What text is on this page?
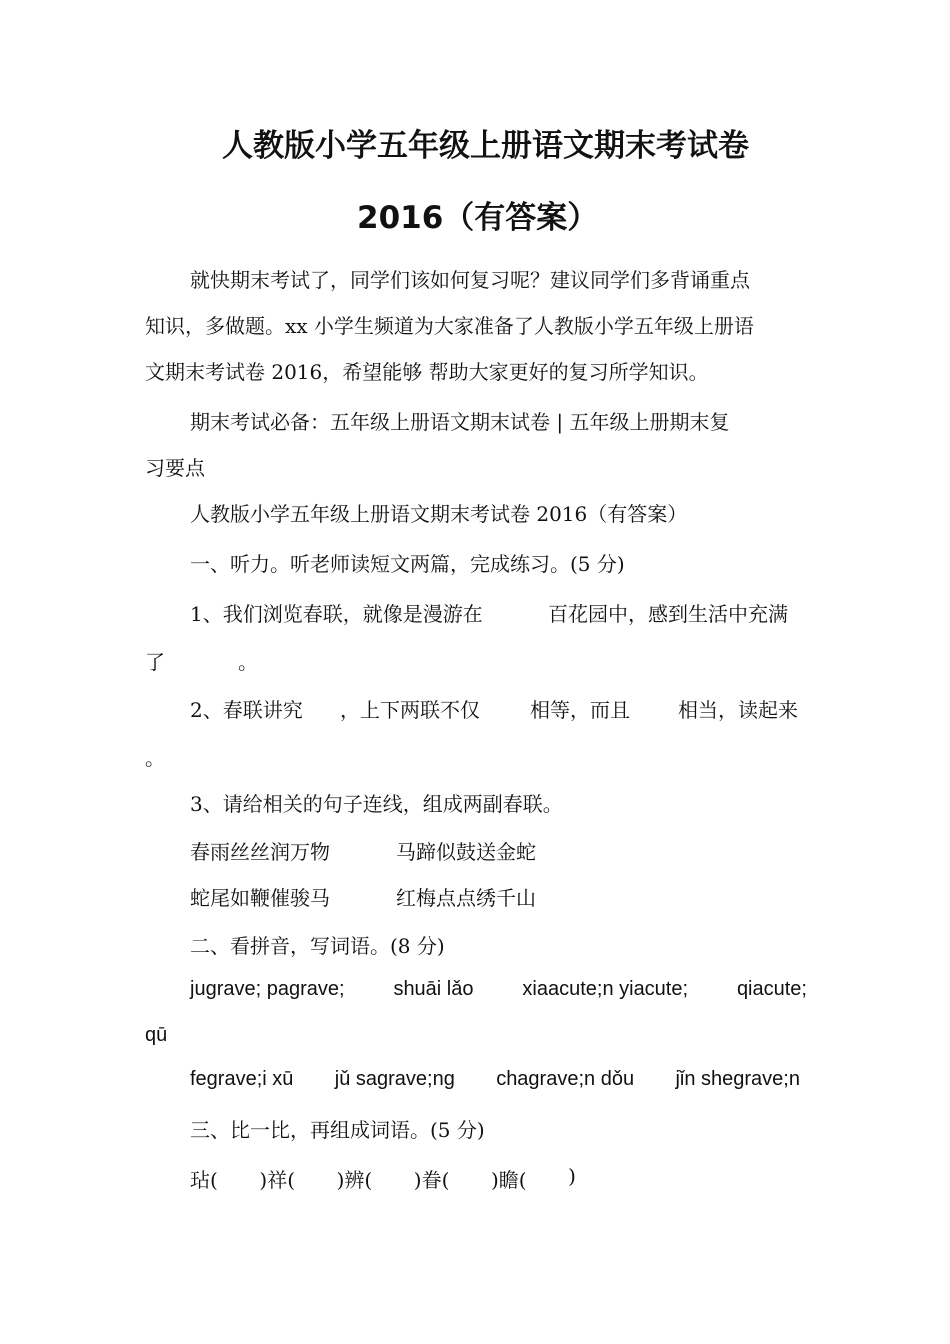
人教版小学五年级上册语文期末考试卷
2016（有答案）
就快期末考试了，同学们该如何复习呢？建议同学们多背诵重点
知识，多做题。xx 小学生频道为大家准备了人教版小学五年级上册语
文期末考试卷 2016，希望能够 帮助大家更好的复习所学知识。
期末考试必备：五年级上册语文期末试卷 | 五年级上册期末复
习要点
人教版小学五年级上册语文期末考试卷 2016（有答案）
一、听力。听老师读短文两篇，完成练习。(5 分)
1、我们浏览春联，就像是漫游在	百花园中，感到生活中充满
了	。
2、春联讲究 ，上下两联不仅	相等，而且 相当，读起来
。
3、请给相关的句子连线，组成两副春联。
春雨丝丝润万物	马蹄似鼓送金蛇
蛇尾如鞭催骏马	红梅点点绣千山
二、看拼音，写词语。(8 分)
jugrave; pagrave; shuāi lǎo xiaacute;n yiacute; qiacute;
qū
fegrave;i xū jǔ sagrave;ng chagrave;n dǒu jǐn shegrave;n
三、比一比，再组成词语。(5 分)
玷( )祥( )辨( )眷( )瞻( )
